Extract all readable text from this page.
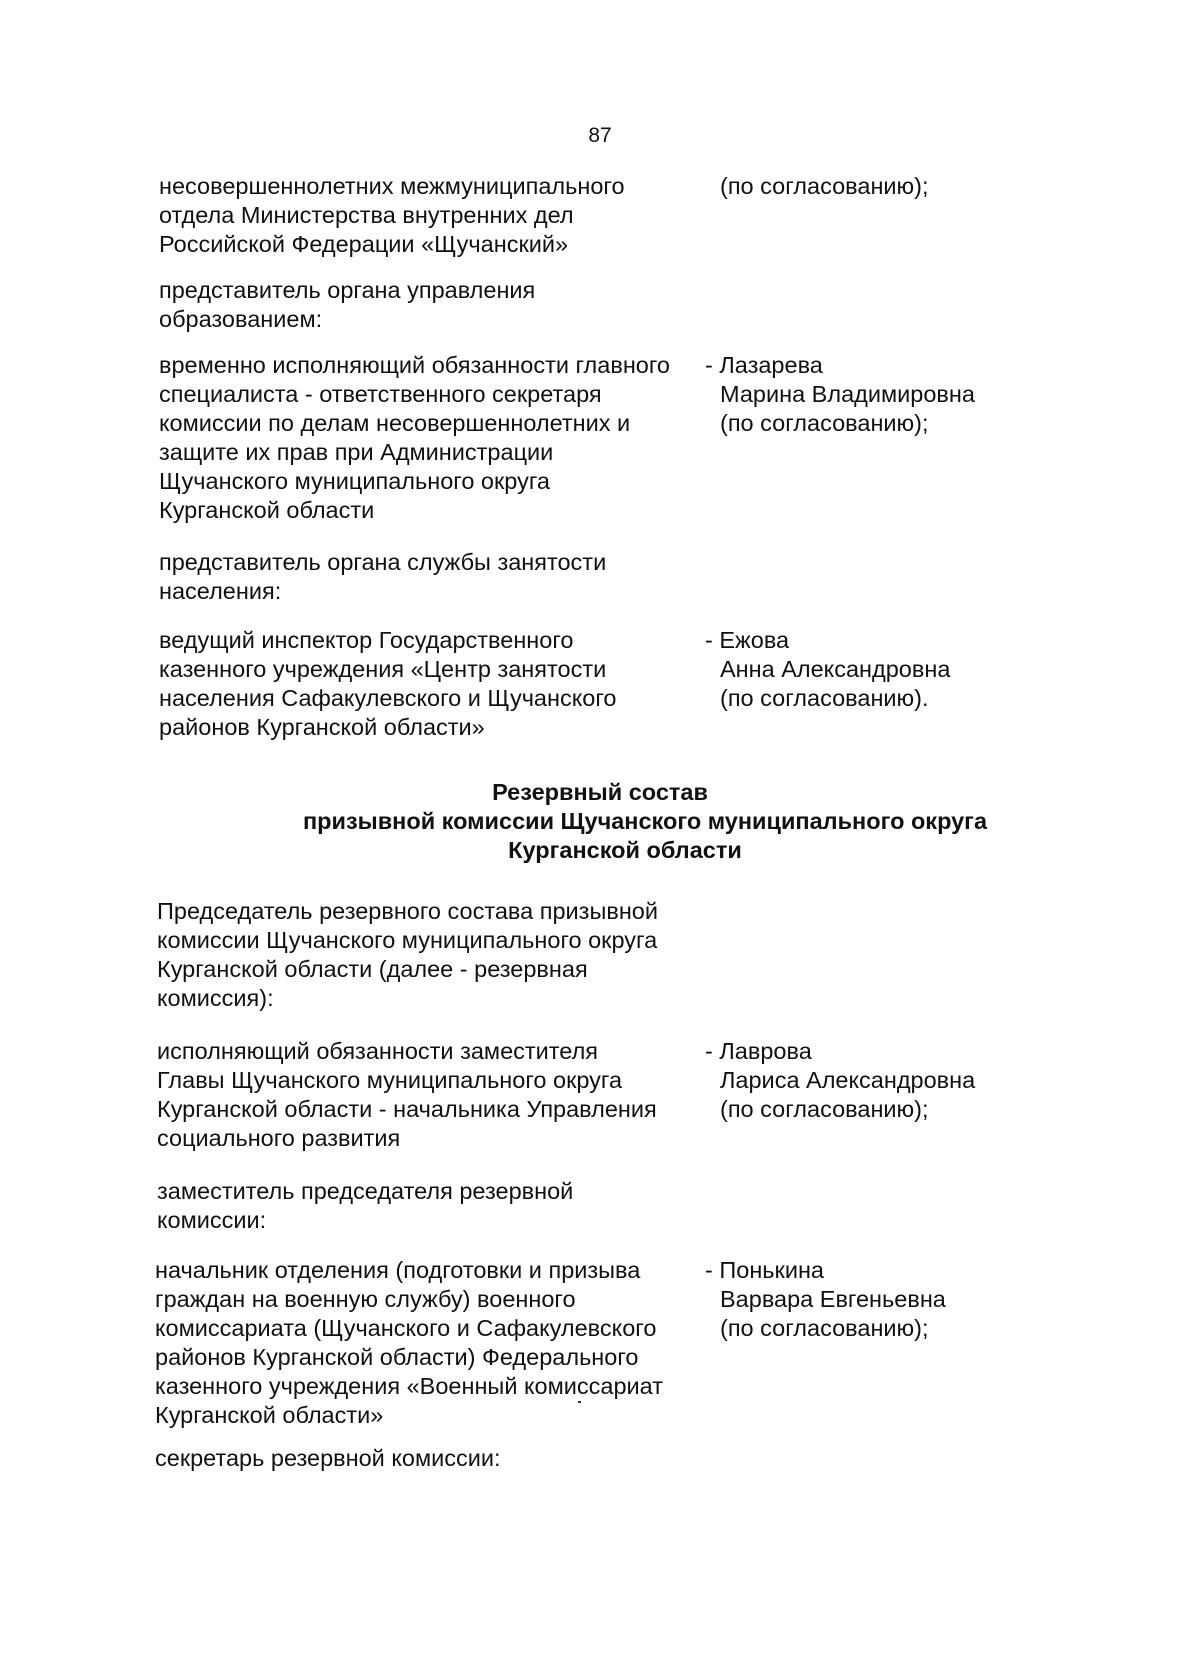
87
несовершеннолетних межмуниципального
отдела Министерства внутренних дел
Российской Федерации «Щучанский»
(по согласованию);
представитель органа управления
образованием:
временно исполняющий обязанности главного
специалиста - ответственного секретаря
комиссии по делам несовершеннолетних и
защите их прав при Администрации
Щучанского муниципального округа
Курганской области
- Лазарева
Марина Владимировна
(по согласованию);
представитель органа службы занятости
населения:
ведущий инспектор Государственного
казенного учреждения «Центр занятости
населения Сафакулевского и Щучанского
районов Курганской области»
- Ежова
Анна Александровна
(по согласованию).
Резервный состав
призывной комиссии Щучанского муниципального округа
Курганской области
Председатель резервного состава призывной
комиссии Щучанского муниципального округа
Курганской области (далее - резервная
комиссия):
исполняющий обязанности заместителя
Главы Щучанского муниципального округа
Курганской области - начальника Управления
социального развития
- Лаврова
Лариса Александровна
(по согласованию);
заместитель председателя резервной
комиссии:
начальник отделения (подготовки и призыва
граждан на военную службу) военного
комиссариата (Щучанского и Сафакулевского
районов Курганской области) Федерального
казенного учреждения «Военный комиссариат
Курганской области»
- Понькина
Варвара Евгеньевна
(по согласованию);
секретарь резервной комиссии:
